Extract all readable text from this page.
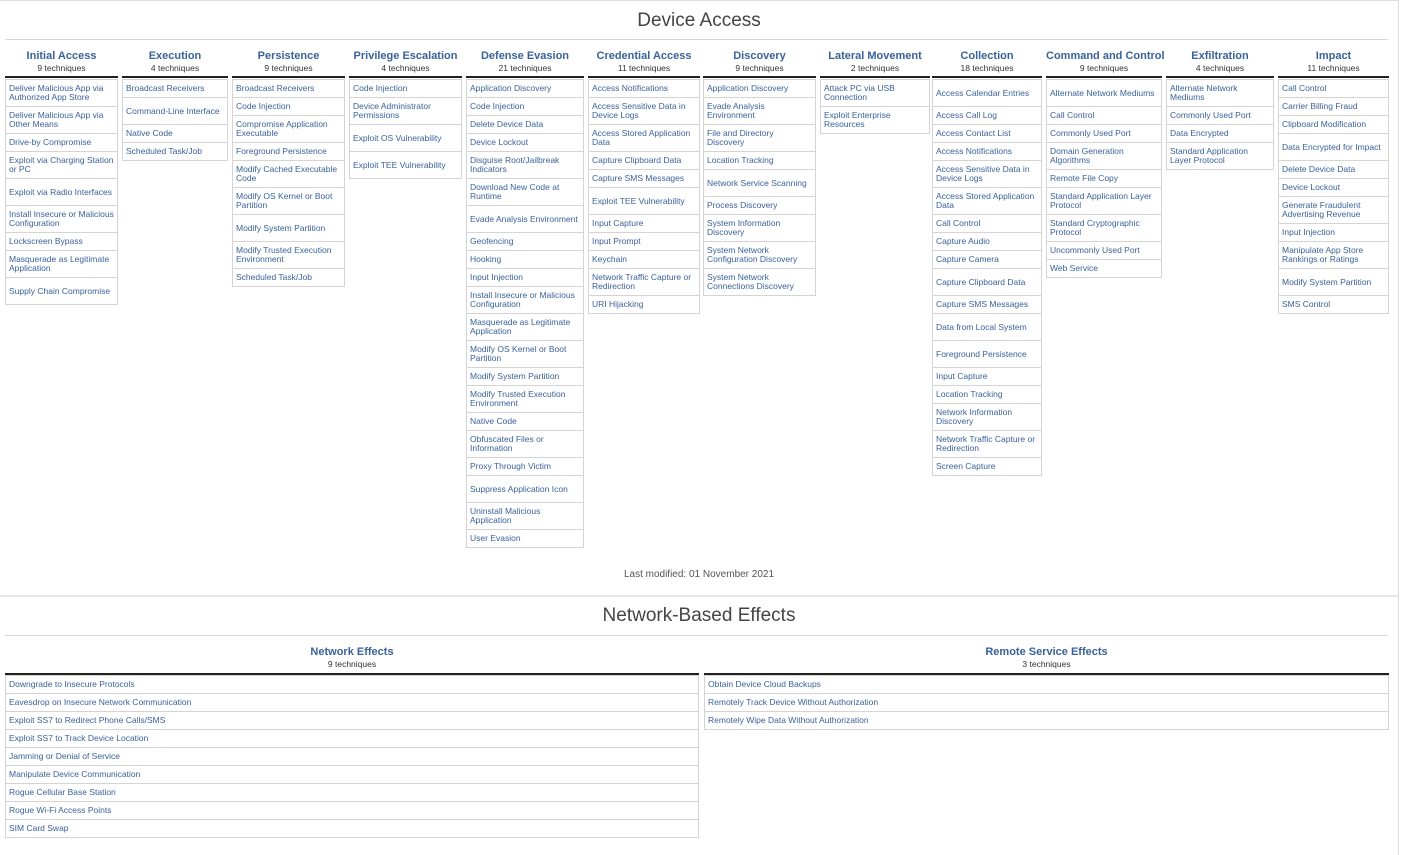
Device Access
Initial Access
9 techniques
Deliver Malicious App via Authorized App Store
Deliver Malicious App via Other Means
Drive-by Compromise
Exploit via Charging Station or PC
Exploit via Radio Interfaces
Install Insecure or Malicious Configuration
Lockscreen Bypass
Masquerade as Legitimate Application
Supply Chain Compromise
Execution
4 techniques
Broadcast Receivers
Command-Line Interface
Native Code
Scheduled Task/Job
Persistence
9 techniques
Broadcast Receivers
Code Injection
Compromise Application Executable
Foreground Persistence
Modify Cached Executable Code
Modify OS Kernel or Boot Partition
Modify System Partition
Modify Trusted Execution Environment
Scheduled Task/Job
Privilege Escalation
4 techniques
Code Injection
Device Administrator Permissions
Exploit OS Vulnerability
Exploit TEE Vulnerability
Defense Evasion
21 techniques
Application Discovery
Code Injection
Delete Device Data
Device Lockout
Disguise Root/Jailbreak Indicators
Download New Code at Runtime
Evade Analysis Environment
Geofencing
Hooking
Input Injection
Install Insecure or Malicious Configuration
Masquerade as Legitimate Application
Modify OS Kernel or Boot Partition
Modify System Partition
Modify Trusted Execution Environment
Native Code
Obfuscated Files or Information
Proxy Through Victim
Suppress Application Icon
Uninstall Malicious Application
User Evasion
Credential Access
11 techniques
Access Notifications
Access Sensitive Data in Device Logs
Access Stored Application Data
Capture Clipboard Data
Capture SMS Messages
Exploit TEE Vulnerability
Input Capture
Input Prompt
Keychain
Network Traffic Capture or Redirection
URI Hijacking
Discovery
9 techniques
Application Discovery
Evade Analysis Environment
File and Directory Discovery
Location Tracking
Network Service Scanning
Process Discovery
System Information Discovery
System Network Configuration Discovery
System Network Connections Discovery
Lateral Movement
2 techniques
Attack PC via USB Connection
Exploit Enterprise Resources
Collection
18 techniques
Access Calendar Entries
Access Call Log
Access Contact List
Access Notifications
Access Sensitive Data in Device Logs
Access Stored Application Data
Call Control
Capture Audio
Capture Camera
Capture Clipboard Data
Capture SMS Messages
Data from Local System
Foreground Persistence
Input Capture
Location Tracking
Network Information Discovery
Network Traffic Capture or Redirection
Screen Capture
Command and Control
9 techniques
Alternate Network Mediums
Call Control
Commonly Used Port
Domain Generation Algorithms
Remote File Copy
Standard Application Layer Protocol
Standard Cryptographic Protocol
Uncommonly Used Port
Web Service
Exfiltration
4 techniques
Alternate Network Mediums
Commonly Used Port
Data Encrypted
Standard Application Layer Protocol
Impact
11 techniques
Call Control
Carrier Billing Fraud
Clipboard Modification
Data Encrypted for Impact
Delete Device Data
Device Lockout
Generate Fraudulent Advertising Revenue
Input Injection
Manipulate App Store Rankings or Ratings
Modify System Partition
SMS Control
Last modified: 01 November 2021
Network-Based Effects
Network Effects
9 techniques
Downgrade to Insecure Protocols
Eavesdrop on Insecure Network Communication
Exploit SS7 to Redirect Phone Calls/SMS
Exploit SS7 to Track Device Location
Jamming or Denial of Service
Manipulate Device Communication
Rogue Cellular Base Station
Rogue Wi-Fi Access Points
SIM Card Swap
Remote Service Effects
3 techniques
Obtain Device Cloud Backups
Remotely Track Device Without Authorization
Remotely Wipe Data Without Authorization
